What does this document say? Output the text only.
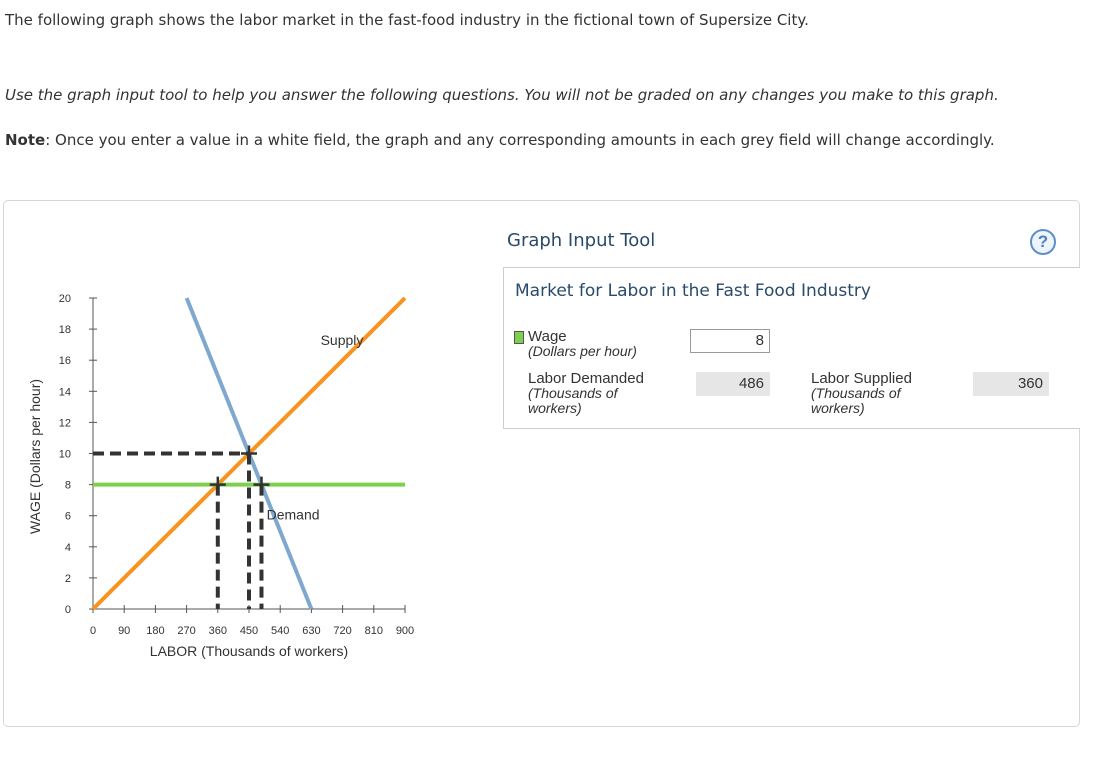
The following graph shows the labor market in the fast-food industry in the fictional town of Supersize City.
Use the graph input tool to help you answer the following questions. You will not be graded on any changes you make to this graph.
Note: Once you enter a value in a white field, the graph and any corresponding amounts in each grey field will change accordingly.
0
2
4
6
8
10
12
14
16
18
20
0 90 180 270 360 450 540 630 720 810 900
LABOR (Thousands of workers)
WAGE (Dollars per hour)
Supply
Demand
Graph Input Tool	?
Market for Labor in the Fast Food Industry
Wage
(Dollars per hour)
8
Labor Demanded
(Thousands of
workers)
486	Labor Supplied
(Thousands of
workers)
360
